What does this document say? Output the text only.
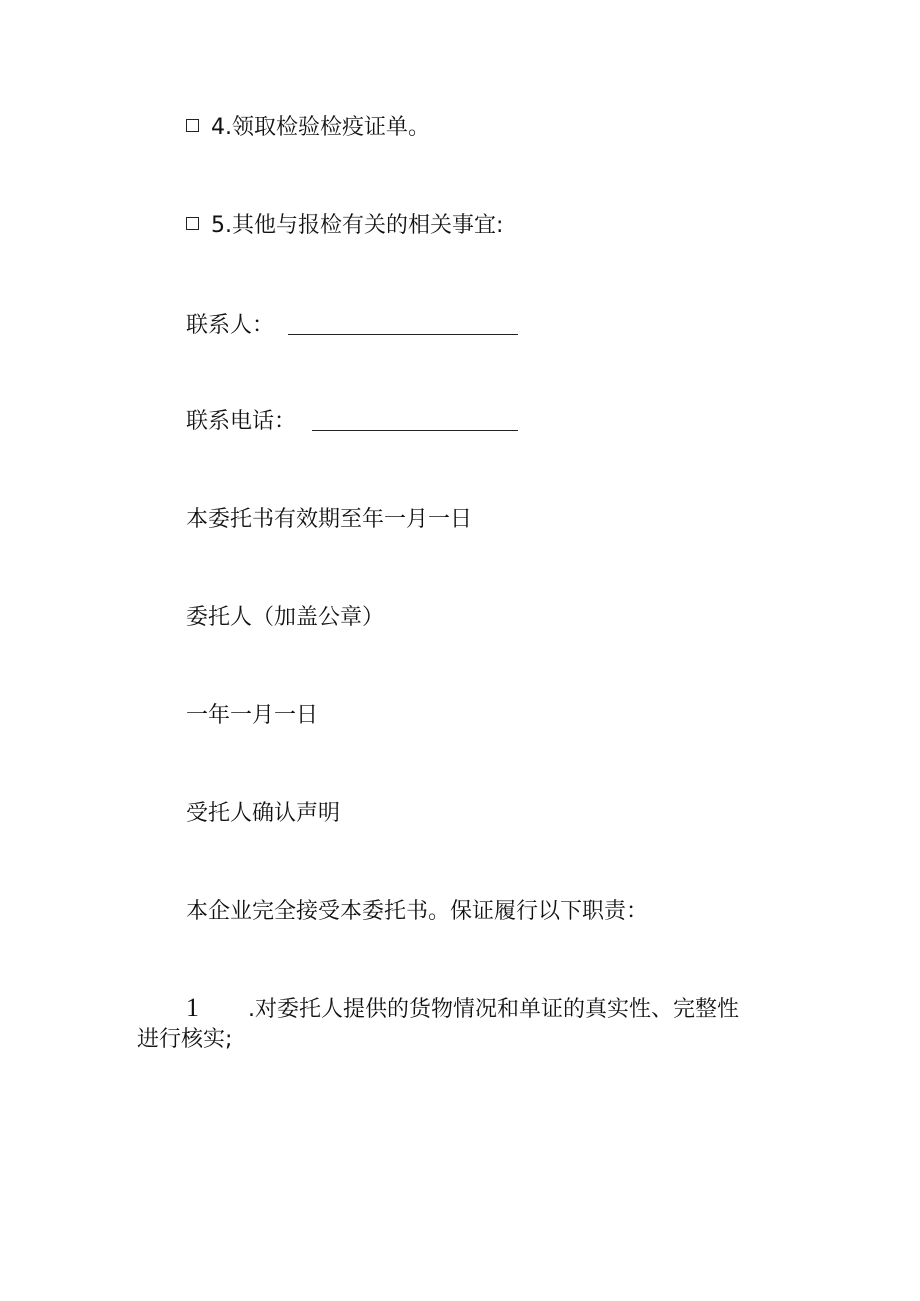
4.领取检验检疫证单。
5.其他与报检有关的相关事宜:
联系人：
联系电话：
本委托书有效期至年一月一日
委托人（加盖公章）
一年一月一日
受托人确认声明
本企业完全接受本委托书。保证履行以下职责：
1 .对委托人提供的货物情况和单证的真实性、完整性
进行核实;
